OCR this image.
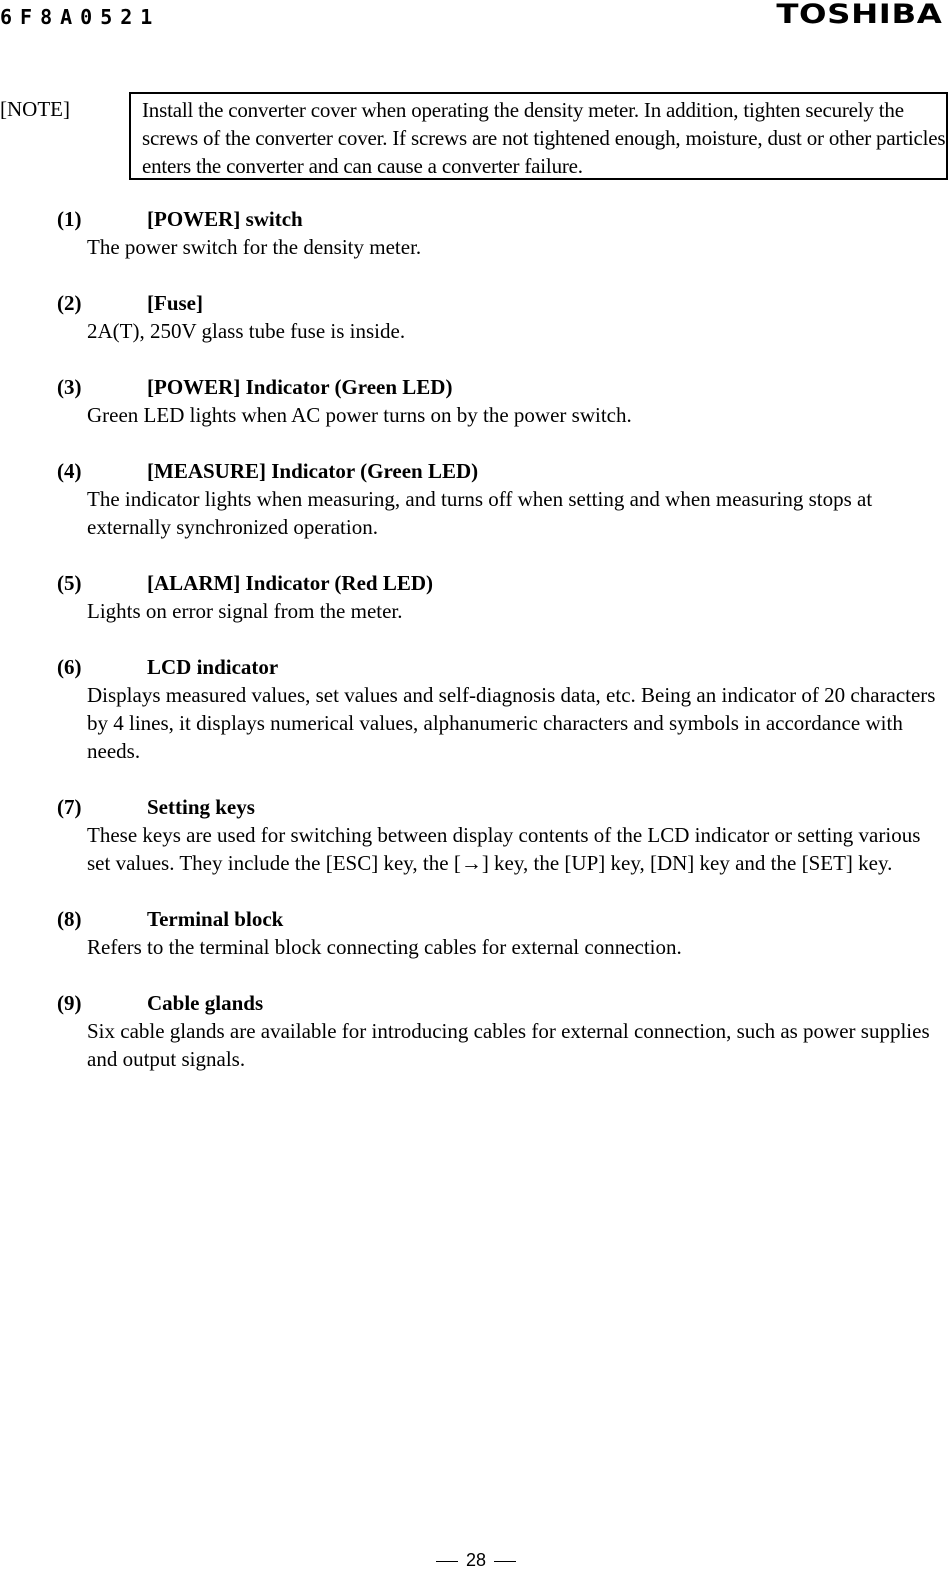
6F8A0521	TOSHIBA
[NOTE]	Install the converter cover when operating the density meter. In addition, tighten securely the screws of the converter cover. If screws are not tightened enough, moisture, dust or other particles enters the converter and can cause a converter failure.
(1)	[POWER] switch
The power switch for the density meter.
(2)	[Fuse]
2A(T), 250V glass tube fuse is inside.
(3)	[POWER] Indicator (Green LED)
Green LED lights when AC power turns on by the power switch.
(4)	[MEASURE] Indicator (Green LED)
The indicator lights when measuring, and turns off when setting and when measuring stops at externally synchronized operation.
(5)	[ALARM] Indicator (Red LED)
Lights on error signal from the meter.
(6)	LCD indicator
Displays measured values, set values and self-diagnosis data, etc. Being an indicator of 20 characters by 4 lines, it displays numerical values, alphanumeric characters and symbols in accordance with needs.
(7)	Setting keys
These keys are used for switching between display contents of the LCD indicator or setting various set values. They include the [ESC] key, the [→] key, the [UP] key, [DN] key and the [SET] key.
(8)	Terminal block
Refers to the terminal block connecting cables for external connection.
(9)	Cable glands
Six cable glands are available for introducing cables for external connection, such as power supplies and output signals.
28
